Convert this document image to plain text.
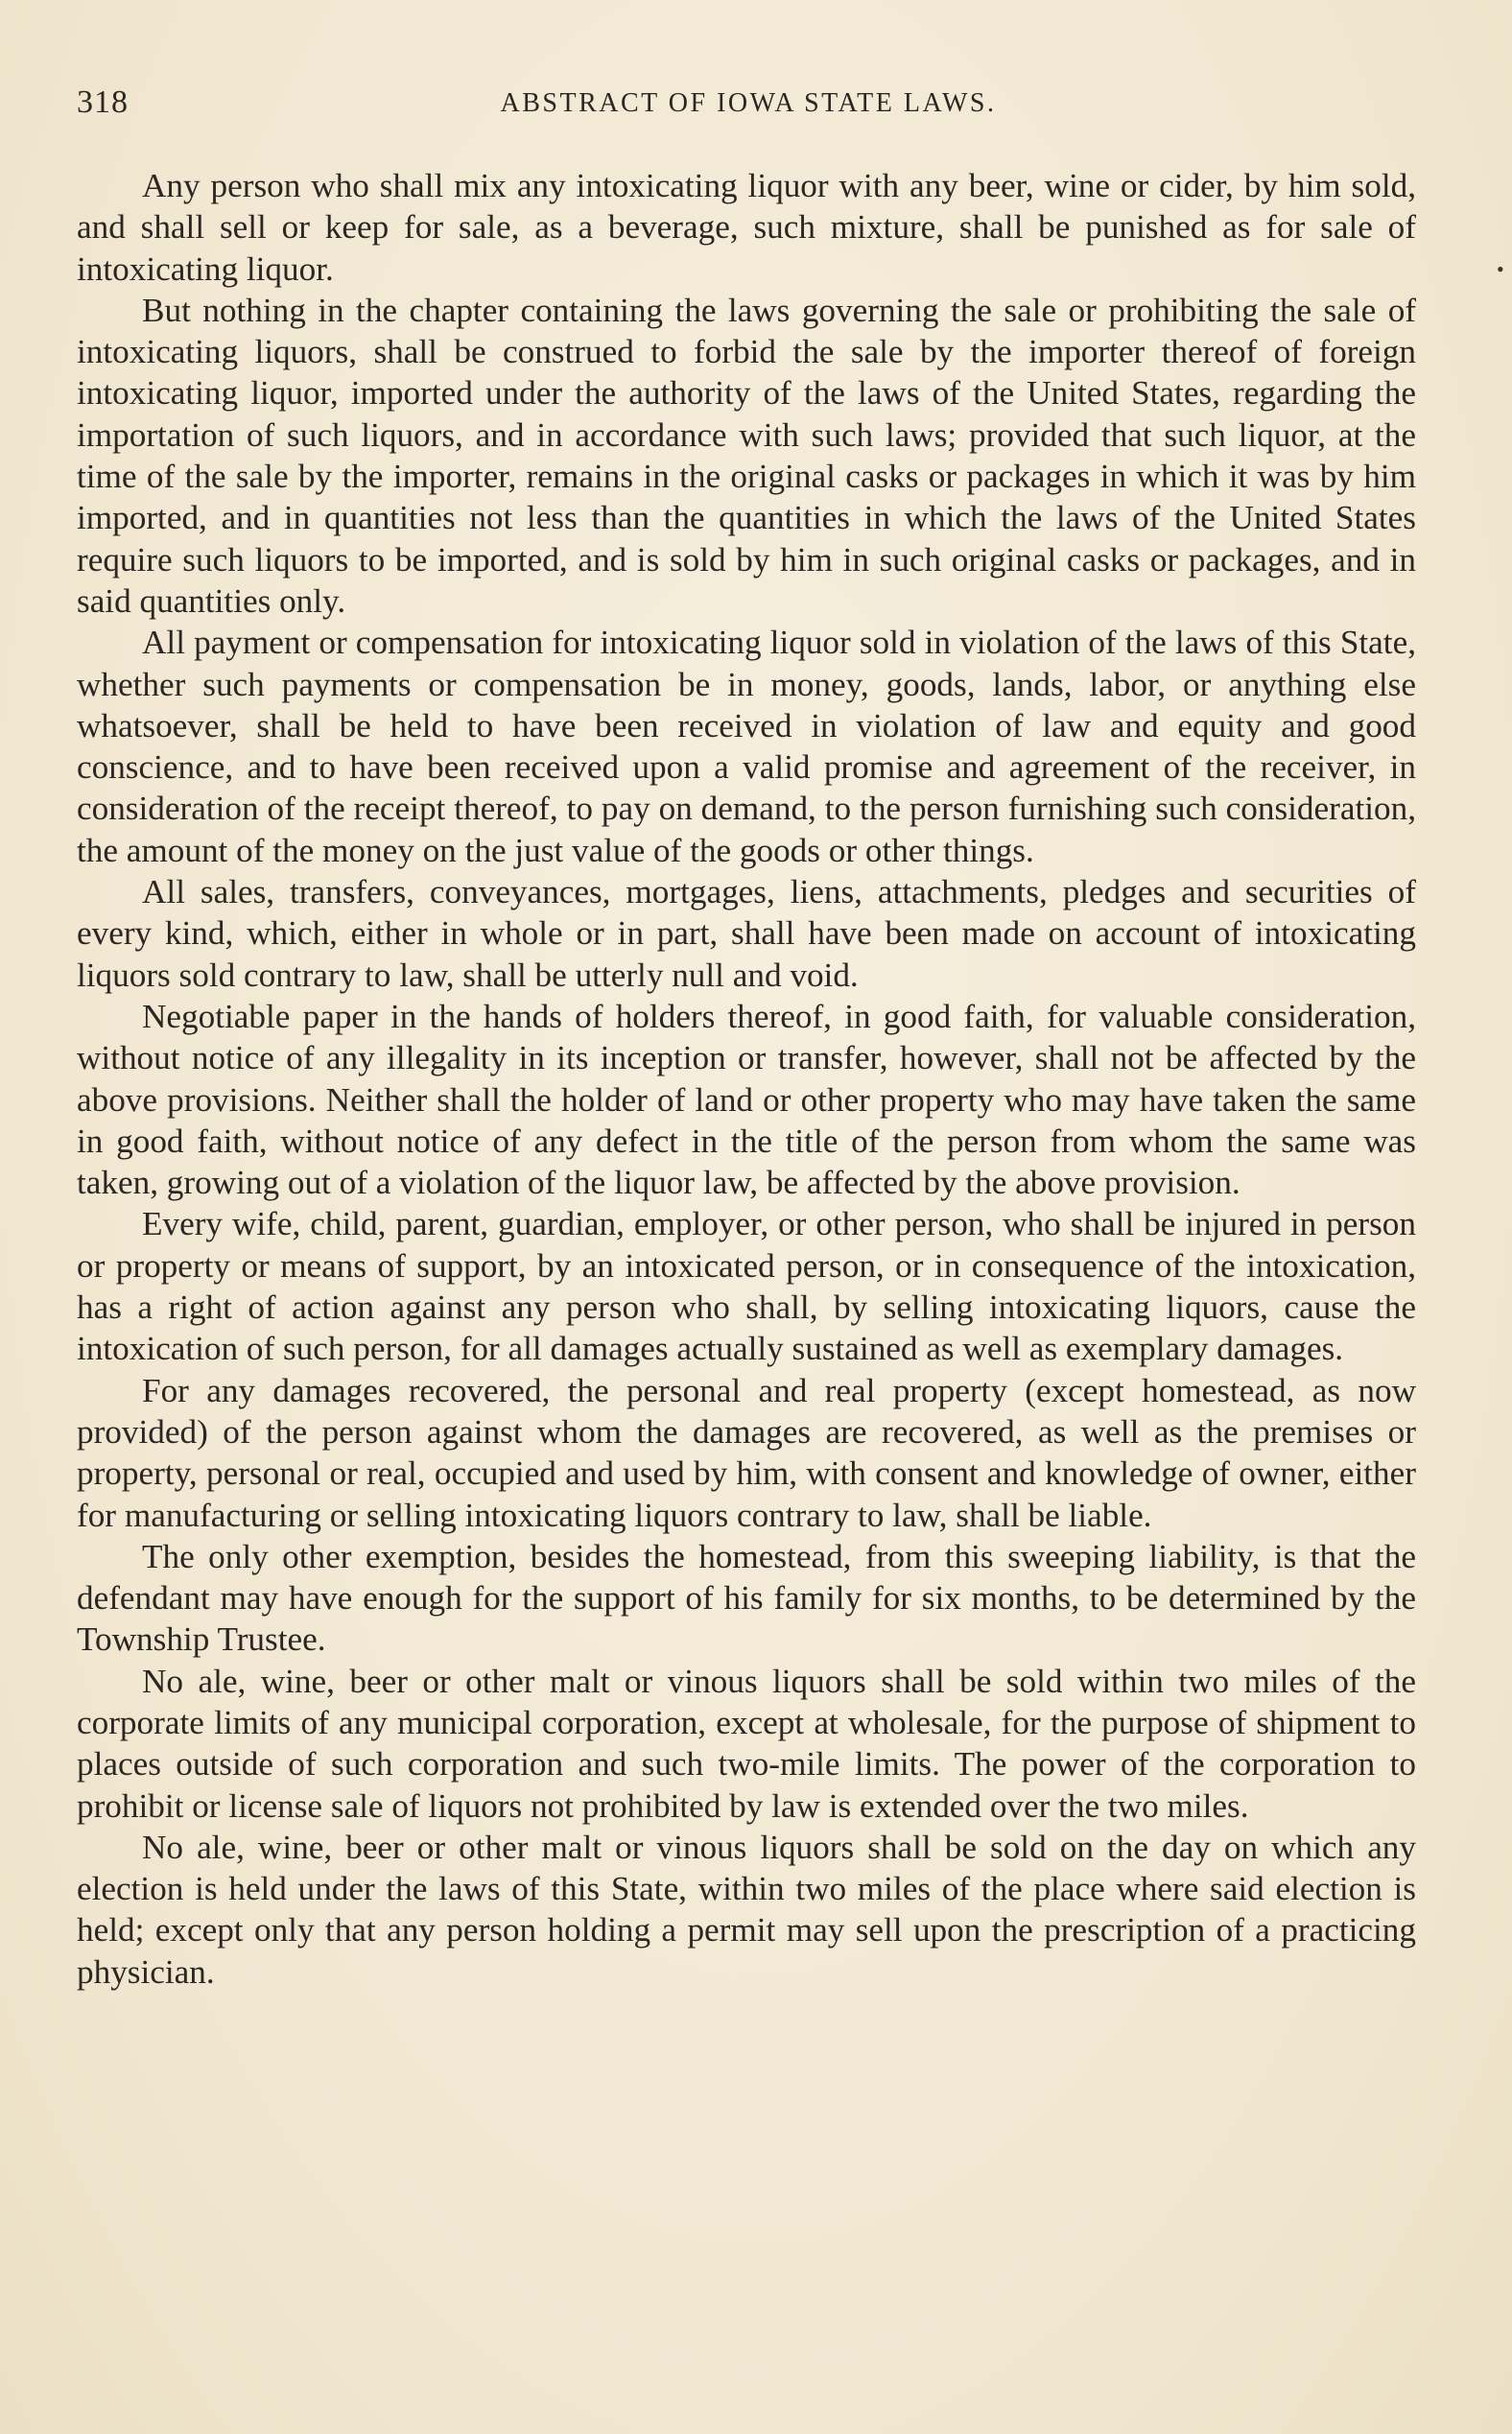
318	ABSTRACT OF IOWA STATE LAWS.
•

Any person who shall mix any intoxicating liquor with any beer, wine or cider, by him sold, and shall sell or keep for sale, as a beverage, such mixture, shall be punished as for sale of intoxicating liquor.

But nothing in the chapter containing the laws governing the sale or prohibiting the sale of intoxicating liquors, shall be construed to forbid the sale by the importer thereof of foreign intoxicating liquor, imported under the authority of the laws of the United States, regarding the importation of such liquors, and in accordance with such laws; provided that such liquor, at the time of the sale by the importer, remains in the original casks or packages in which it was by him imported, and in quantities not less than the quantities in which the laws of the United States require such liquors to be imported, and is sold by him in such original casks or packages, and in said quantities only.

All payment or compensation for intoxicating liquor sold in violation of the laws of this State, whether such payments or compensation be in money, goods, lands, labor, or anything else whatsoever, shall be held to have been received in violation of law and equity and good conscience, and to have been received upon a valid promise and agreement of the receiver, in consideration of the receipt thereof, to pay on demand, to the person furnishing such consideration, the amount of the money on the just value of the goods or other things.

All sales, transfers, conveyances, mortgages, liens, attachments, pledges and securities of every kind, which, either in whole or in part, shall have been made on account of intoxicating liquors sold contrary to law, shall be utterly null and void.

Negotiable paper in the hands of holders thereof, in good faith, for valuable consideration, without notice of any illegality in its inception or transfer, however, shall not be affected by the above provisions. Neither shall the holder of land or other property who may have taken the same in good faith, without notice of any defect in the title of the person from whom the same was taken, growing out of a violation of the liquor law, be affected by the above provision.

Every wife, child, parent, guardian, employer, or other person, who shall be injured in person or property or means of support, by an intoxicated person, or in consequence of the intoxication, has a right of action against any person who shall, by selling intoxicating liquors, cause the intoxication of such person, for all damages actually sustained as well as exemplary damages.

For any damages recovered, the personal and real property (except homestead, as now provided) of the person against whom the damages are recovered, as well as the premises or property, personal or real, occupied and used by him, with consent and knowledge of owner, either for manufacturing or selling intoxicating liquors contrary to law, shall be liable.

The only other exemption, besides the homestead, from this sweeping liability, is that the defendant may have enough for the support of his family for six months, to be determined by the Township Trustee.

No ale, wine, beer or other malt or vinous liquors shall be sold within two miles of the corporate limits of any municipal corporation, except at wholesale, for the purpose of shipment to places outside of such corporation and such two-mile limits. The power of the corporation to prohibit or license sale of liquors not prohibited by law is extended over the two miles.

No ale, wine, beer or other malt or vinous liquors shall be sold on the day on which any election is held under the laws of this State, within two miles of the place where said election is held; except only that any person holding a permit may sell upon the prescription of a practicing physician.
